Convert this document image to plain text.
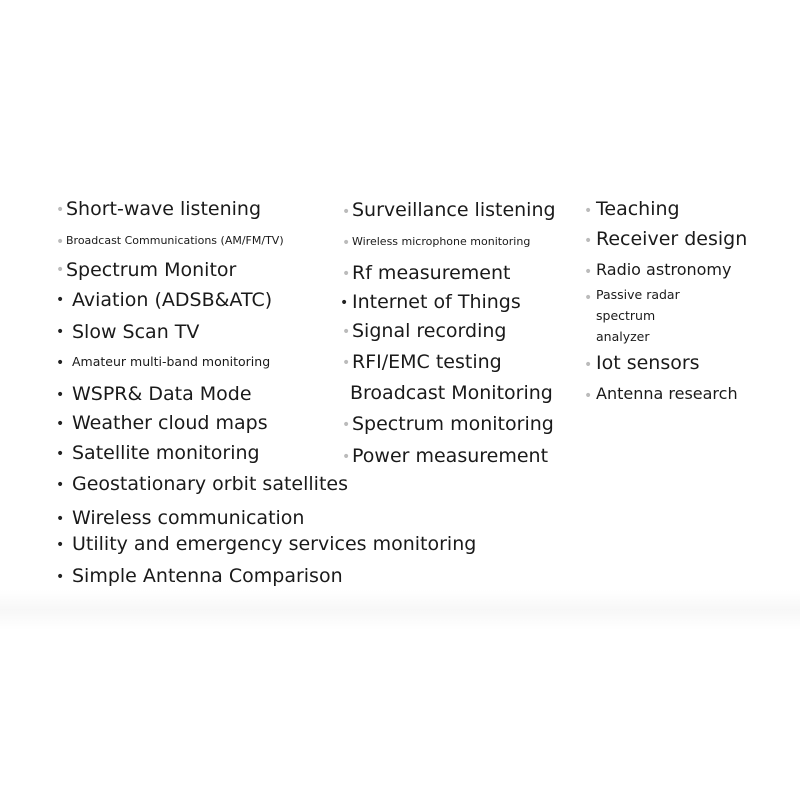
• Short-wave listening
• Broadcast Communications (AM/FM/TV)
• Spectrum Monitor
• Aviation (ADSB&ATC)
• Slow Scan TV
• Amateur multi-band monitoring
• WSPR& Data Mode
• Weather cloud maps
• Satellite monitoring
• Geostationary orbit satellites
• Wireless communication
• Utility and emergency services monitoring
• Simple Antenna Comparison
• Surveillance listening
• Wireless microphone monitoring
• Rf measurement
• Internet of Things
• Signal recording
• RFI/EMC testing
Broadcast Monitoring
• Spectrum monitoring
• Power measurement
• Teaching
• Receiver design
• Radio astronomy
• Passive radar
spectrum
analyzer
• Iot sensors
• Antenna research
